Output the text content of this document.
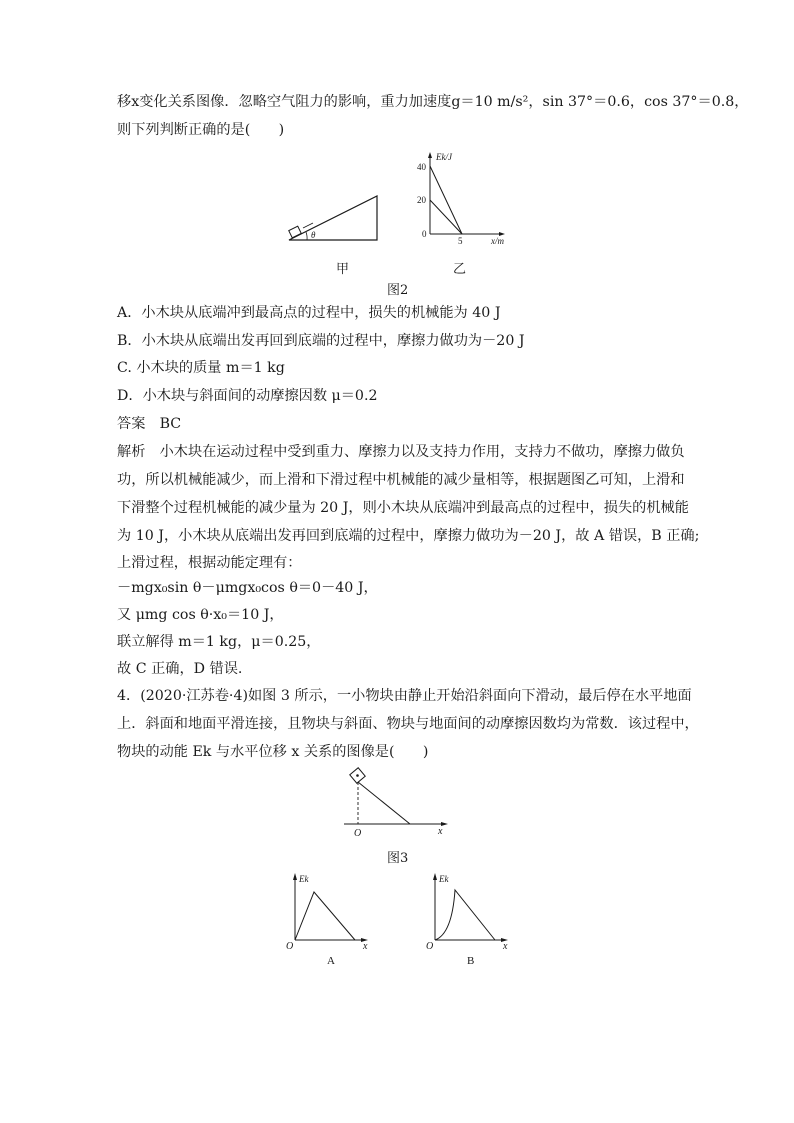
移x变化关系图像．忽略空气阻力的影响，重力加速度g＝10 m/s²，sin 37°＝0.6，cos 37°＝0.8，
则下列判断正确的是(　　)
θ
甲
Ek/J
40
20
0
5	x/m
乙
图2
A．小木块从底端冲到最高点的过程中，损失的机械能为 40 J
B．小木块从底端出发再回到底端的过程中，摩擦力做功为－20 J
C. 小木块的质量 m＝1 kg
D．小木块与斜面间的动摩擦因数 μ＝0.2
答案　BC
解析　小木块在运动过程中受到重力、摩擦力以及支持力作用，支持力不做功，摩擦力做负
功，所以机械能减少，而上滑和下滑过程中机械能的减少量相等，根据题图乙可知，上滑和
下滑整个过程机械能的减少量为 20 J，则小木块从底端冲到最高点的过程中，损失的机械能
为 10 J，小木块从底端出发再回到底端的过程中，摩擦力做功为－20 J，故 A 错误，B 正确;
上滑过程，根据动能定理有：
－mgx₀sin θ－μmgx₀cos θ＝0－40 J，
又 μmg cos θ·x₀＝10 J，
联立解得 m＝1 kg，μ＝0.25，
故 C 正确，D 错误.
4．(2020·江苏卷·4)如图 3 所示，一小物块由静止开始沿斜面向下滑动，最后停在水平地面
上．斜面和地面平滑连接，且物块与斜面、物块与地面间的动摩擦因数均为常数．该过程中，
物块的动能 Ek 与水平位移 x 关系的图像是(　　)
O	x
图3
Ek
O	x
A
Ek
O	x
B
